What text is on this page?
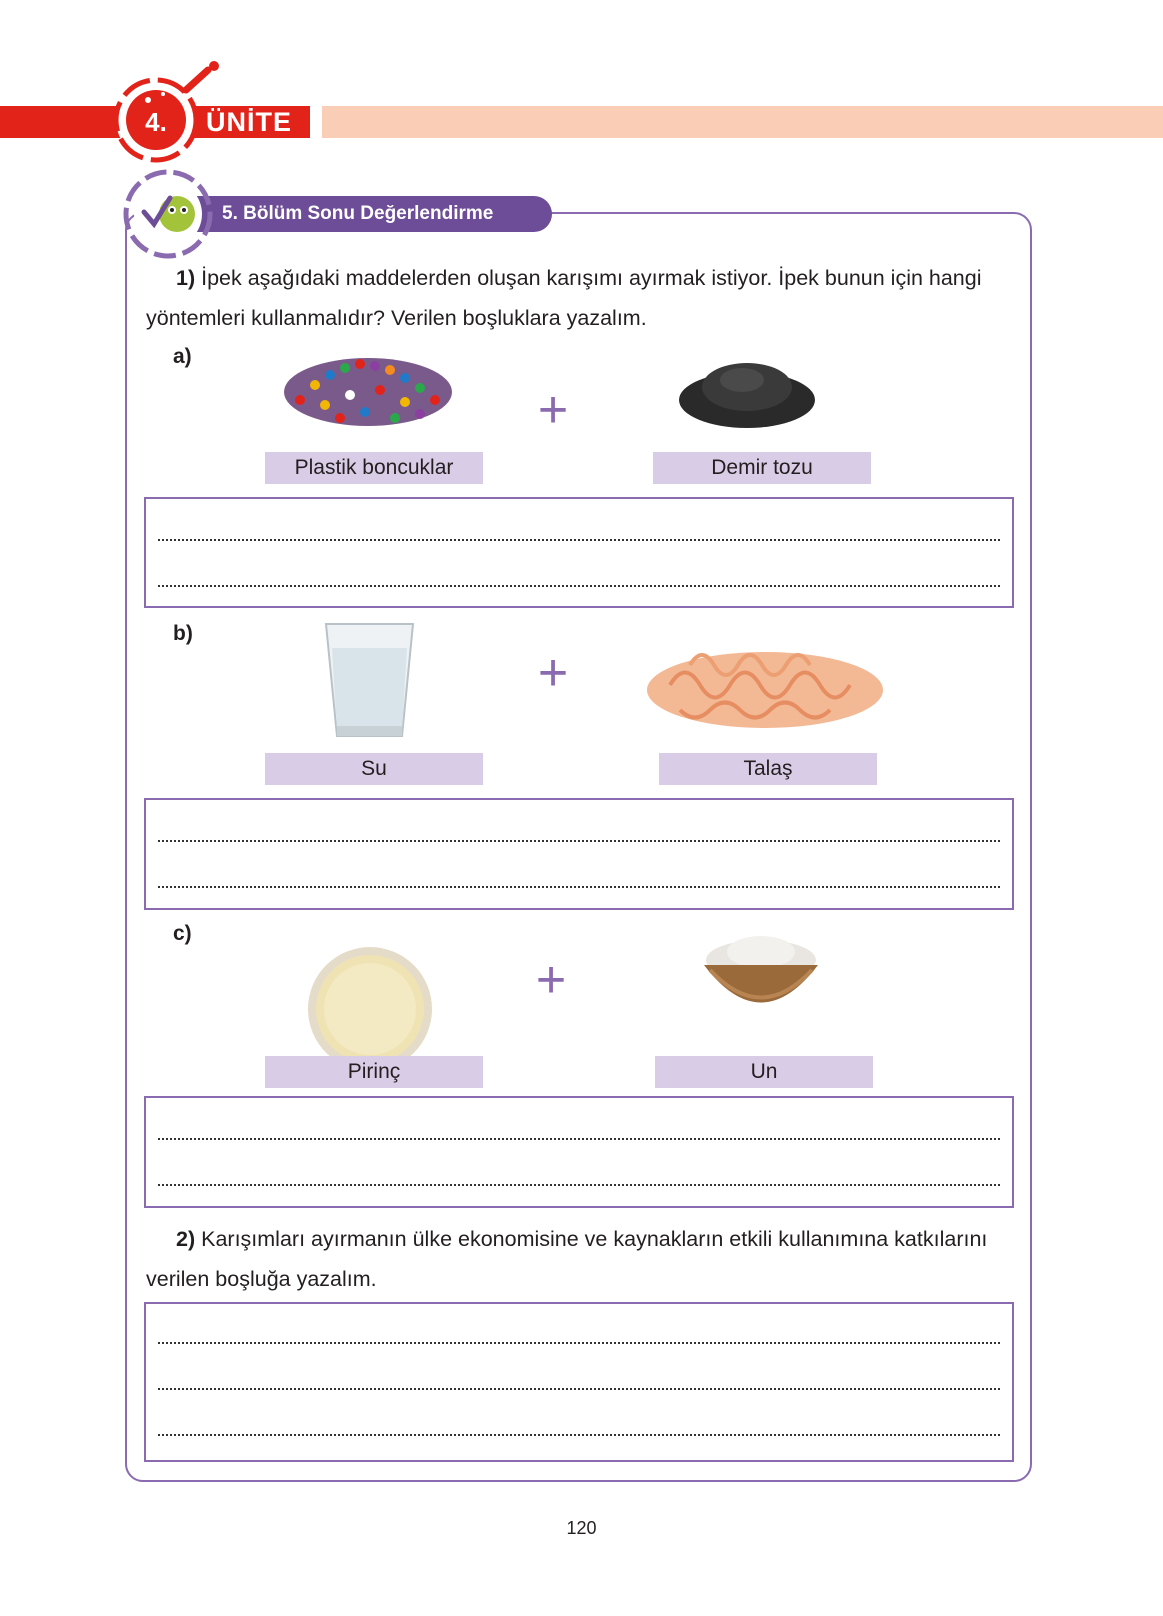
4.	ÜNİTE
5. Bölüm Sonu Değerlendirme
1) İpek aşağıdaki maddelerden oluşan karışımı ayırmak istiyor. İpek bunun için hangi yöntemleri kullanmalıdır? Verilen boşluklara yazalım.
a)
+
Plastik boncuklar	Demir tozu
b)
+
Su	Talaş
c)
+
Pirinç	Un
2) Karışımları ayırmanın ülke ekonomisine ve kaynakların etkili kullanımına katkılarını verilen boşluğa yazalım.
120
